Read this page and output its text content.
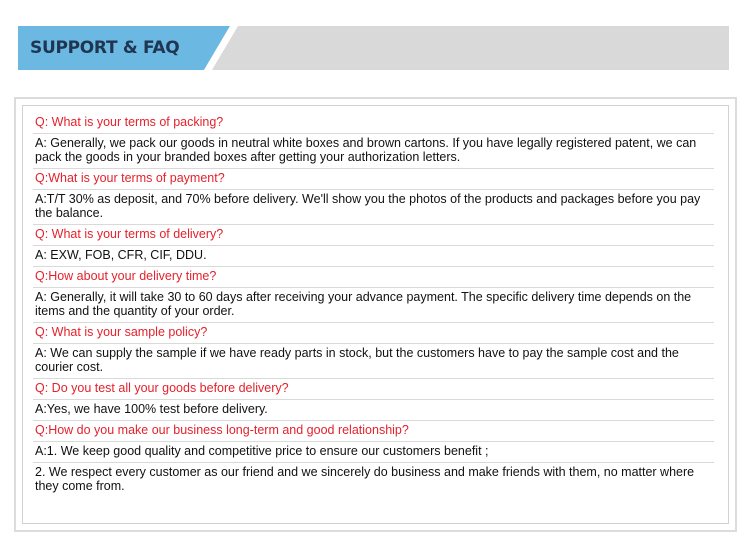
SUPPORT & FAQ
Q: What is your terms of packing?
A: Generally, we pack our goods in neutral white boxes and brown cartons. If you have legally registered patent, we can pack the goods in your branded boxes after getting your authorization letters.
Q:What is your terms of payment?
A:T/T 30% as deposit, and 70% before delivery. We'll show you the photos of the products and packages before you pay the balance.
Q: What is your terms of delivery?
A: EXW, FOB, CFR, CIF, DDU.
Q:How about your delivery time?
A: Generally, it will take 30 to 60 days after receiving your advance payment. The specific delivery time depends on the items and the quantity of your order.
Q: What is your sample policy?
A: We can supply the sample if we have ready parts in stock, but the customers have to pay the sample cost and the courier cost.
Q: Do you test all your goods before delivery?
A:Yes, we have 100% test before delivery.
Q:How do you make our business long-term and good relationship?
A:1. We keep good quality and competitive price to ensure our customers benefit ;
2. We respect every customer as our friend and we sincerely do business and make friends with them, no matter where they come from.
